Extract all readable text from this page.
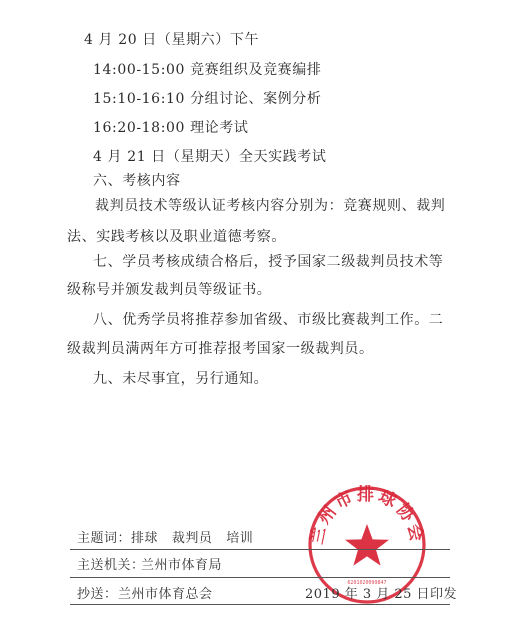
4 月 20 日（星期六）下午
14:00-15:00 竞赛组织及竞赛编排
15:10-16:10 分组讨论、案例分析
16:20-18:00 理论考试
4 月 21 日（星期天）全天实践考试
六、考核内容
裁判员技术等级认证考核内容分别为：竞赛规则、裁判
法、实践考核以及职业道德考察。
七、学员考核成绩合格后，授予国家二级裁判员技术等
级称号并颁发裁判员等级证书。
八、优秀学员将推荐参加省级、市级比赛裁判工作。二
级裁判员满两年方可推荐报考国家一级裁判员。
九、未尽事宜，另行通知。
兰州市排球协会
6201020099847
主题词： 排球   裁判员   培训
主送机关：
兰州市体育局
抄送： 兰州市体育总会	2019 年 3 月 25 日印发
